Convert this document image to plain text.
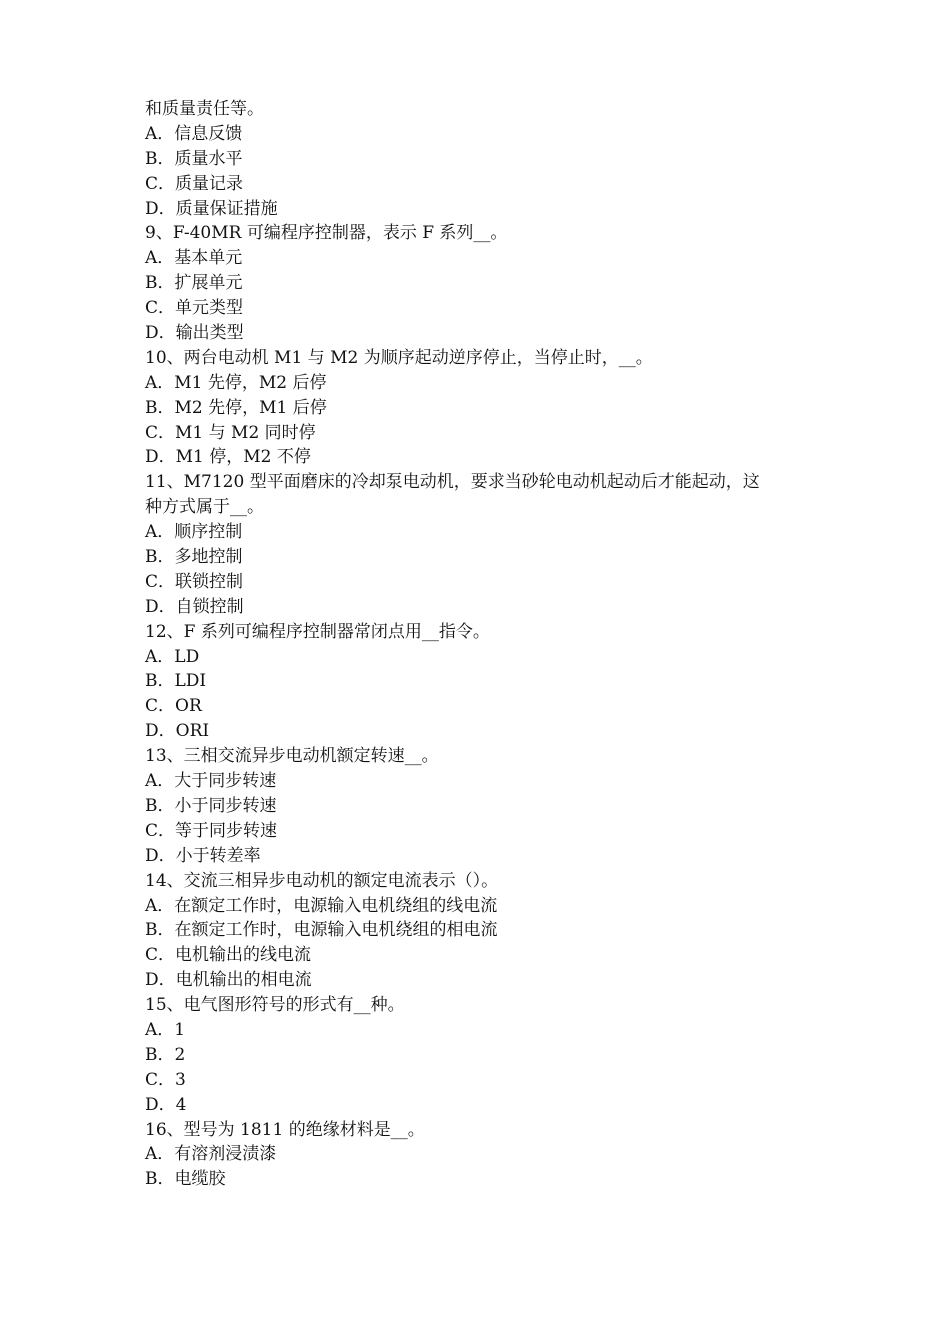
和质量责任等。
A．信息反馈
B．质量水平
C．质量记录
D．质量保证措施
9、F-40MR 可编程序控制器，表示 F 系列__。
A．基本单元
B．扩展单元
C．单元类型
D．输出类型
10、两台电动机 M1 与 M2 为顺序起动逆序停止，当停止时，__。
A．M1 先停，M2 后停
B．M2 先停，M1 后停
C．M1 与 M2 同时停
D．M1 停，M2 不停
11、M7120 型平面磨床的冷却泵电动机，要求当砂轮电动机起动后才能起动，这
种方式属于__。
A．顺序控制
B．多地控制
C．联锁控制
D．自锁控制
12、F 系列可编程序控制器常闭点用__指令。
A．LD
B．LDI
C．OR
D．ORI
13、三相交流异步电动机额定转速__。
A．大于同步转速
B．小于同步转速
C．等于同步转速
D．小于转差率
14、交流三相异步电动机的额定电流表示（）。
A．在额定工作时，电源输入电机绕组的线电流
B．在额定工作时，电源输入电机绕组的相电流
C．电机输出的线电流
D．电机输出的相电流
15、电气图形符号的形式有__种。
A．1
B．2
C．3
D．4
16、型号为 1811 的绝缘材料是__。
A．有溶剂浸渍漆
B．电缆胶
